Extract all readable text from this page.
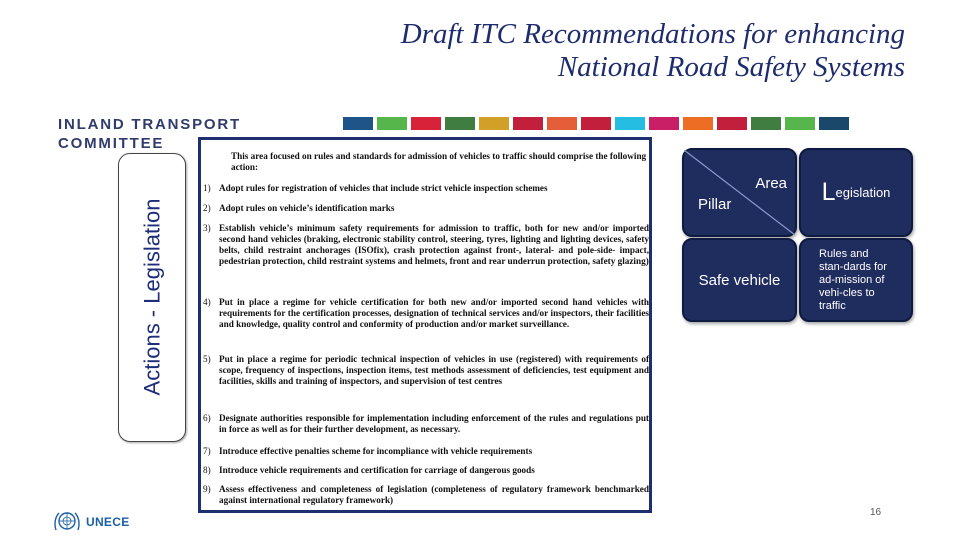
Draft ITC Recommendations for enhancing
National Road Safety Systems
INLAND TRANSPORT
COMMITTEE
Actions - Legislation
This area focused on rules and standards for admission of vehicles to traffic should comprise the following action:
1) Adopt rules for registration of vehicles that include strict vehicle inspection schemes
2) Adopt rules on vehicle’s identification marks
3) Establish vehicle’s minimum safety requirements for admission to traffic, both for new and/or imported second hand vehicles (braking, electronic stability control, steering, tyres, lighting and lighting devices, safety belts, child restraint anchorages (ISOfix), crash protection against front-, lateral- and pole-side- impact, pedestrian protection, child restraint systems and helmets, front and rear underrun protection, safety glazing)
4) Put in place a regime for vehicle certification for both new and/or imported second hand vehicles with requirements for the certification processes, designation of technical services and/or inspectors, their facilities and knowledge, quality control and conformity of production and/or market surveillance.
5) Put in place a regime for periodic technical inspection of vehicles in use (registered) with requirements of scope, frequency of inspections, inspection items, test methods assessment of deficiencies, test equipment and facilities, skills and training of inspectors, and supervision of test centres
6) Designate authorities responsible for implementation including enforcement of the rules and regulations put in force as well as for their further development, as necessary.
7) Introduce effective penalties scheme for incompliance with vehicle requirements
8) Introduce vehicle requirements and certification for carriage of dangerous goods
9) Assess effectiveness and completeness of legislation (completeness of regulatory framework benchmarked against international regulatory framework)
Area
Pillar	L egislation
Safe vehicle
Rules and stan-dards for ad-mission of vehi-cles to traffic
UNECE
16
